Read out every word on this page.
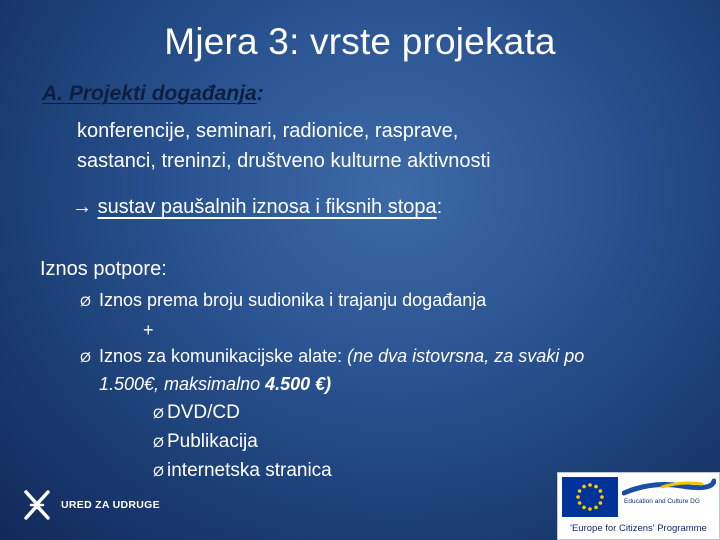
Mjera 3: vrste projekata
A. Projekti događanja:
konferencije, seminari, radionice, rasprave,
sastanci, treninzi, društveno kulturne aktivnosti
→ sustav paušalnih iznosa i fiksnih stopa:
Iznos potpore:
Ø Iznos prema broju sudionika i trajanju događanja
+
Ø Iznos za komunikacijske alate: (ne dva istovrsna, za svaki po
1.500€, maksimalno 4.500 €)
Ø DVD/CD
Ø Publikacija
Ø internetska stranica
URED ZA UDRUGE	Education and Culture DG
'Europe for Citizens' Programme
